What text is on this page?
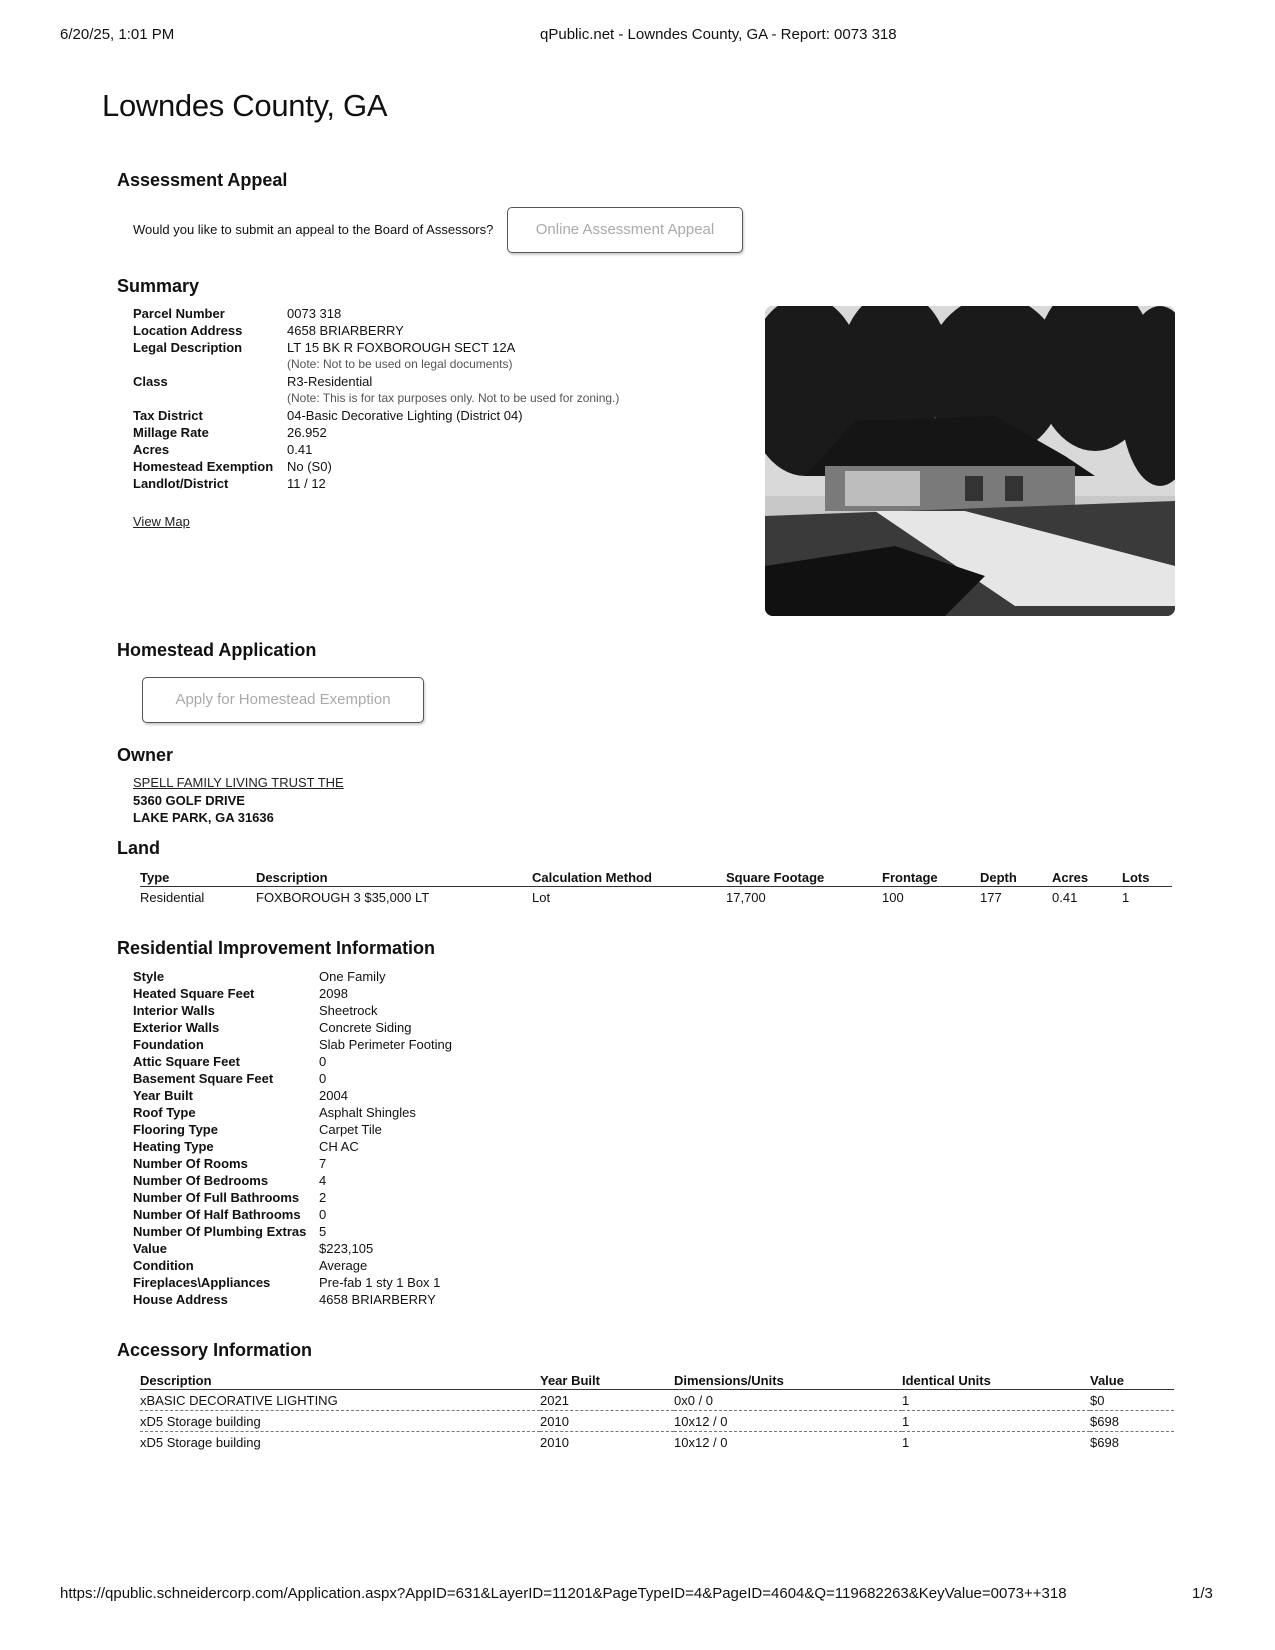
6/20/25, 1:01 PM	qPublic.net - Lowndes County, GA - Report: 0073 318
Lowndes County, GA
Assessment Appeal
Would you like to submit an appeal to the Board of Assessors?	Online Assessment Appeal
Summary
Parcel Number	0073 318
Location Address	4658 BRIARBERRY
Legal Description	LT 15 BK R FOXBOROUGH SECT 12A
(Note: Not to be used on legal documents)
Class	R3-Residential
(Note: This is for tax purposes only. Not to be used for zoning.)
Tax District	04-Basic Decorative Lighting (District 04)
Millage Rate	26.952
Acres	0.41
Homestead Exemption	No (S0)
Landlot/District	11 / 12
View Map
Homestead Application
Apply for Homestead Exemption
Owner
SPELL FAMILY LIVING TRUST THE
5360 GOLF DRIVE
LAKE PARK, GA 31636
Land
Type	Description	Calculation Method	Square Footage	Frontage	Depth	Acres	Lots
Residential	FOXBOROUGH 3 $35,000 LT	Lot	17,700	100	177	0.41	1
Residential Improvement Information
Style	One Family
Heated Square Feet	2098
Interior Walls	Sheetrock
Exterior Walls	Concrete Siding
Foundation	Slab Perimeter Footing
Attic Square Feet	0
Basement Square Feet	0
Year Built	2004
Roof Type	Asphalt Shingles
Flooring Type	Carpet Tile
Heating Type	CH AC
Number Of Rooms	7
Number Of Bedrooms	4
Number Of Full Bathrooms	2
Number Of Half Bathrooms	0
Number Of Plumbing Extras 5
Value	$223,105
Condition	Average
Fireplaces\Appliances	Pre-fab 1 sty 1 Box 1
House Address	4658 BRIARBERRY
Accessory Information
Description	Year Built	Dimensions/Units	Identical Units	Value
xBASIC DECORATIVE LIGHTING	2021	0x0 / 0	1	$0
xD5 Storage building	2010	10x12 / 0	1	$698
xD5 Storage building	2010	10x12 / 0	1	$698
https://qpublic.schneidercorp.com/Application.aspx?AppID=631&LayerID=11201&PageTypeID=4&PageID=4604&Q=119682263&KeyValue=0073++318	1/3
